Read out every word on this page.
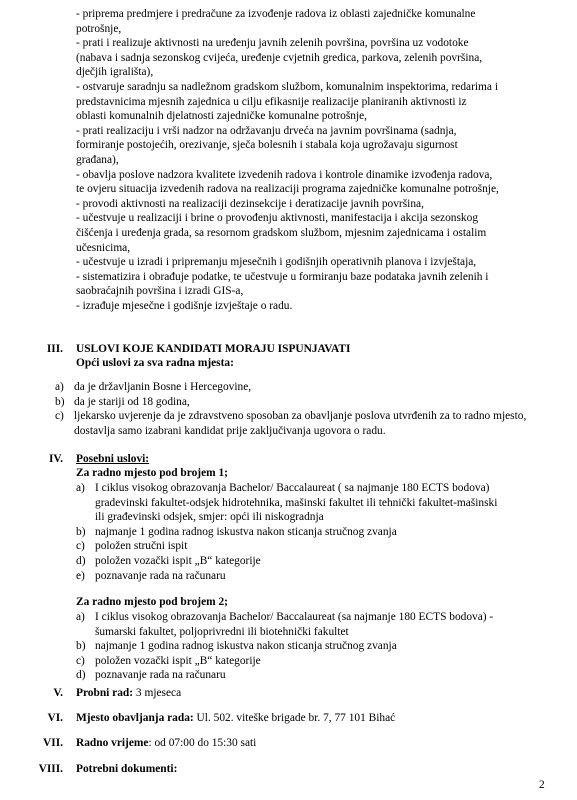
- pripremа predmjere i predračune za izvođenje radova iz oblasti zajedničke komunalne
potrošnje,
- prati i realizuje aktivnosti na uređenju javnih zelenih površina, površina uz vodotoke
(nabava i sadnja sezonskog cvijeća, uređenje cvjetnih gredica, parkova, zelenih površina,
dječjih igrališta),
- ostvaruje saradnju sa nadležnom gradskom službom, komunalnim inspektorima, redarima i
predstavnicima mjesnih zajednica u cilju efikasnije realizacije planiranih aktivnosti iz
oblasti komunalnih djelatnosti zajedničke komunalne potrošnje,
- prati realizaciju i vrši nadzor na održavanju drveća na javnim površinama (sadnja,
formiranje postojećih, orezivanje, sječa bolesnih i stabala koja ugrožavaju sigurnost
građana),
- obavlja poslove nadzora kvalitete izvedenih radova i kontrole dinamike izvođenja radova,
te ovjeru situacija izvedenih radova na realizaciji programa zajedničke komunalne potrošnje,
- provodi aktivnosti na realizaciji dezinsekcije i deratizacije javnih površina,
- učestvuje u realizaciji i brine o provođenju aktivnosti, manifestacija i akcija sezonskog
čišćenja i uređenja grada, sa resornom gradskom službom, mjesnim zajednicama i ostalim
učesnicima,
- učestvuje u izradi i pripremanju mjesečnih i godišnjih operativnih planova i izvještaja,
- sistematizira i obrađuje podatke, te učestvuje u formiranju baze podataka javnih zelenih i
saobraćajnih površina i izradi GIS-a,
- izrađuje mjesečne i godišnje izvještaje o radu.
III. USLOVI KOJE KANDIDATI MORAJU ISPUNJAVATI
Opći uslovi za sva radna mjesta:
a) da je državljanin Bosne i Hercegovine,
b) da je stariji od 18 godina,
c) ljekarsko uvjerenje da je zdravstveno sposoban za obavljanje poslova utvrđenih za to radno mjesto,
dostavlja samo izabrani kandidat prije zaključivanja ugovora o radu.
IV. Posebni uslovi:
Za radno mjesto pod brojem 1;
a) I ciklus visokog obrazovanja Bachelor/ Baccalaureat ( sa najmanje 180 ECTS bodova)
gradevinski fakultet-odsjek hidrotehnika, mašinski fakultet ili tehnički fakultet-mašinski
ili građevinski odsjek, smjer: opći ili niskogradnja
b) najmanje 1 godina radnog iskustva nakon sticanja stručnog zvanja
c) položen stručni ispit
d) položen vozački ispit „B“ kategorije
e) poznavanje rada na računaru
Za radno mjesto pod brojem 2;
a) I ciklus visokog obrazovanja Bachelor/ Baccalaureat (sa najmanje 180 ECTS bodova) -
šumarski fakultet, poljoprivredni ili biotehnički fakultet
b) najmanje 1 godina radnog iskustva nakon sticanja stručnog zvanja
c) položen vozački ispit „B“ kategorije
d) poznavanje rada na računaru
V. Probni rad: 3 mjeseca
VI. Mjesto obavljanja rada: Ul. 502. viteške brigade br. 7, 77 101 Bihać
VII. Radno vrijeme: od 07:00 do 15:30 sati
VIII. Potrebni dokumenti:
2
